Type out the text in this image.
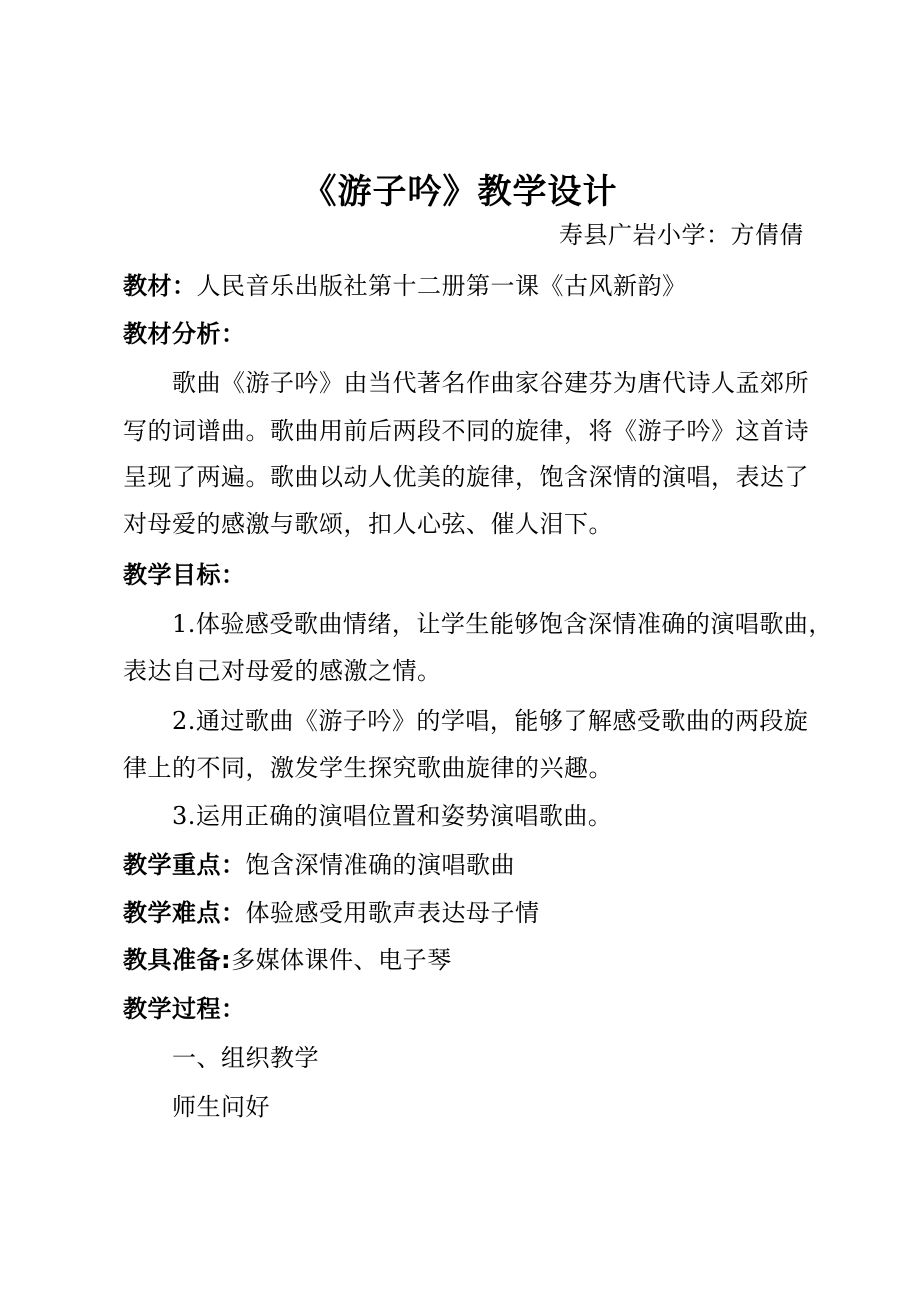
《游子吟》教学设计
寿县广岩小学：方倩倩
教材：人民音乐出版社第十二册第一课《古风新韵》
教材分析：
歌曲《游子吟》由当代著名作曲家谷建芬为唐代诗人孟郊所
写的词谱曲。歌曲用前后两段不同的旋律，将《游子吟》这首诗
呈现了两遍。歌曲以动人优美的旋律，饱含深情的演唱，表达了
对母爱的感激与歌颂，扣人心弦、催人泪下。
教学目标：
1.体验感受歌曲情绪，让学生能够饱含深情准确的演唱歌曲，
表达自己对母爱的感激之情。
2.通过歌曲《游子吟》的学唱，能够了解感受歌曲的两段旋
律上的不同，激发学生探究歌曲旋律的兴趣。
3.运用正确的演唱位置和姿势演唱歌曲。
教学重点：饱含深情准确的演唱歌曲
教学难点：体验感受用歌声表达母子情
教具准备:多媒体课件、电子琴
教学过程：
一、组织教学
师生问好
